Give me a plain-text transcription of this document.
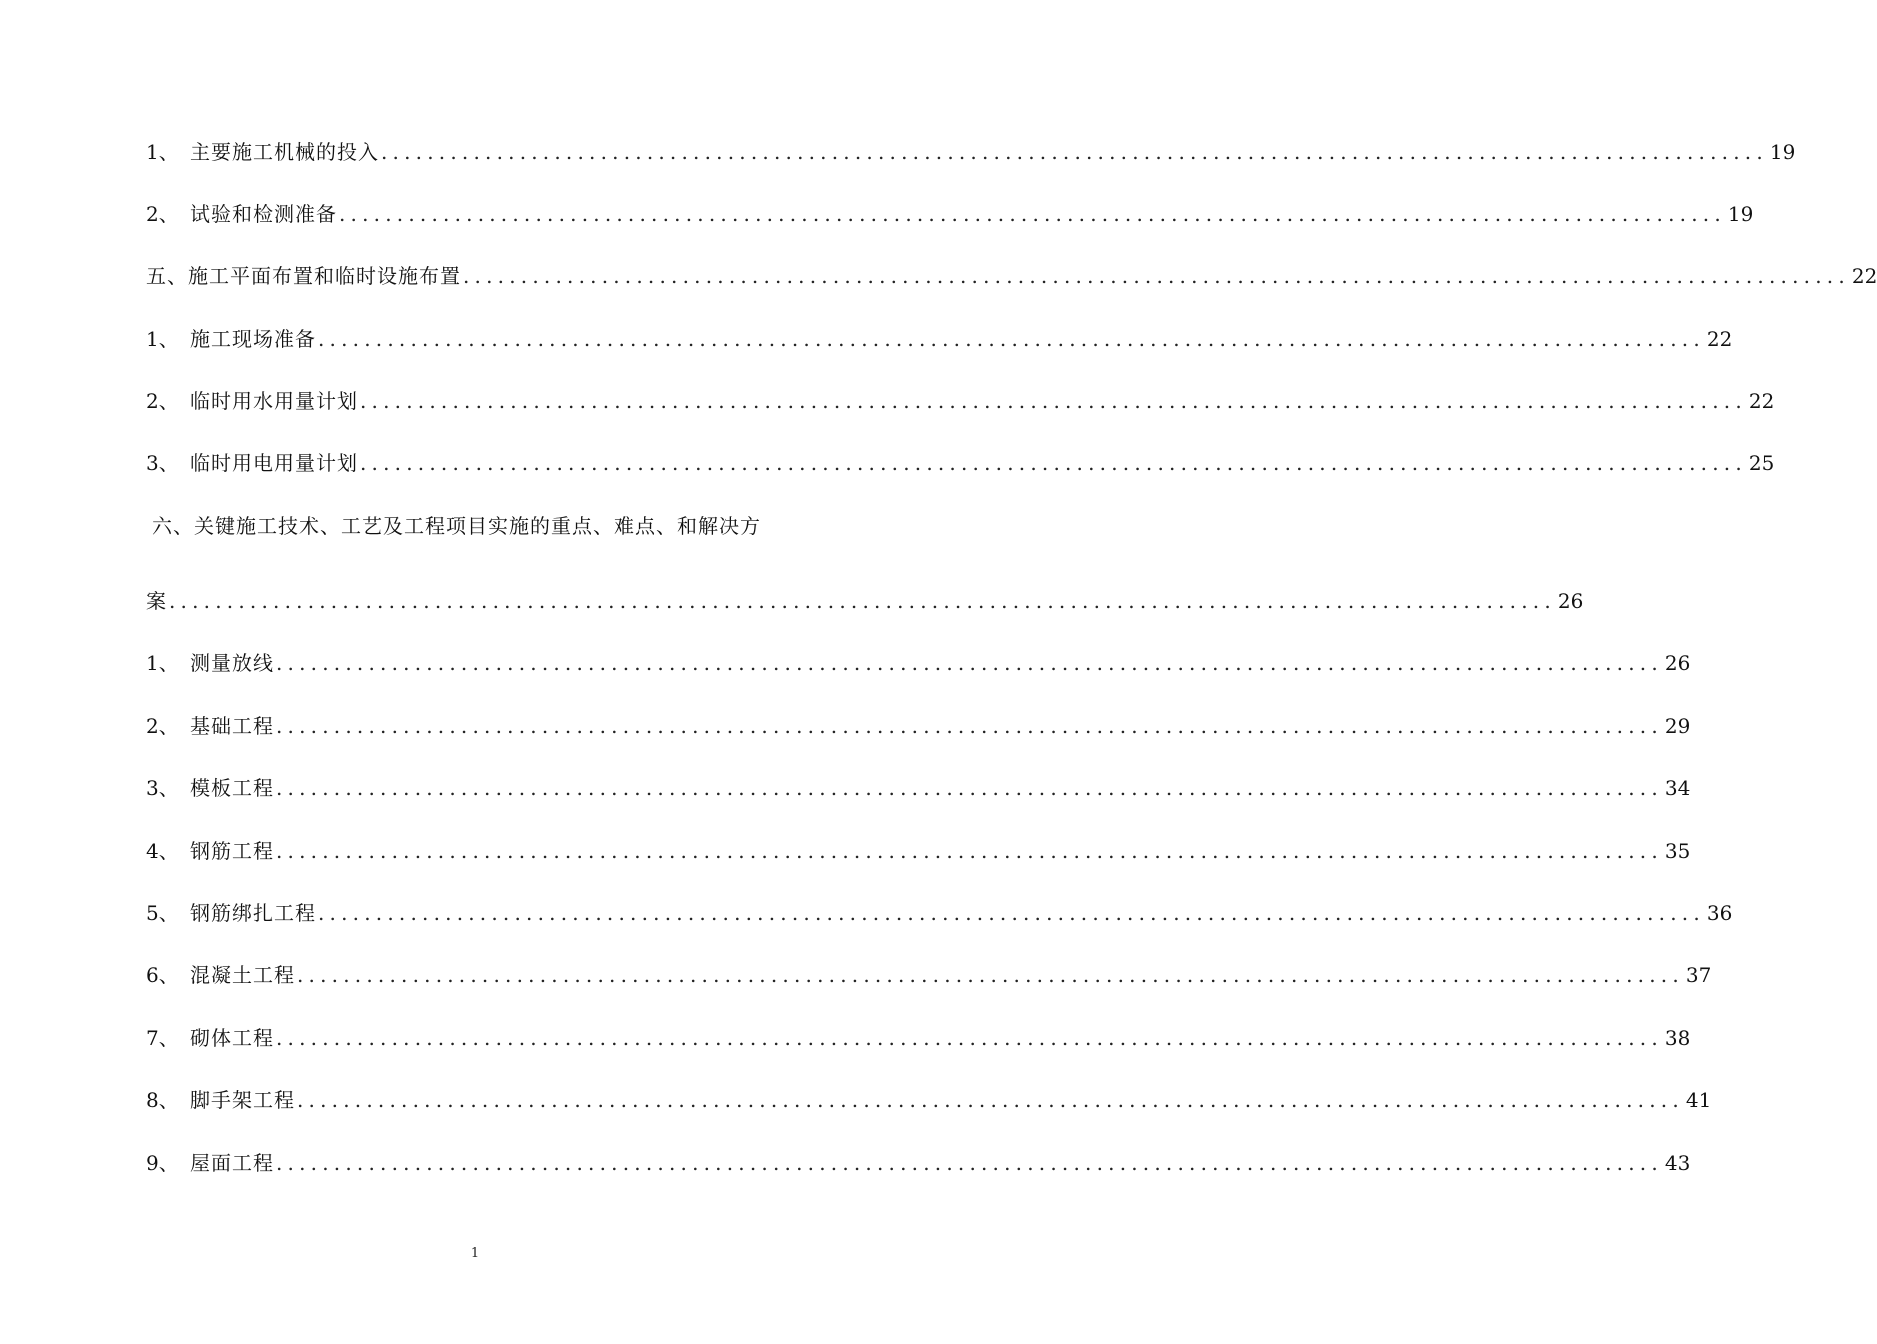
1、 主要施工机械的投入 ........................................................................................................................ 19
2、 试验和检测准备 ........................................................................................................................ 19
五、施工平面布置和临时设施布置 ........................................................................................................................ 22
1、 施工现场准备 ........................................................................................................................ 22
2、 临时用水用量计划 ........................................................................................................................ 22
3、 临时用电用量计划 ........................................................................................................................ 25
六、关键施工技术、工艺及工程项目实施的重点、难点、和解决方
案 ........................................................................................................................ 26
1、 测量放线 ........................................................................................................................ 26
2、 基础工程 ........................................................................................................................ 29
3、 模板工程 ........................................................................................................................ 34
4、 钢筋工程 ........................................................................................................................ 35
5、 钢筋绑扎工程 ........................................................................................................................ 36
6、 混凝土工程 ........................................................................................................................ 37
7、 砌体工程 ........................................................................................................................ 38
8、 脚手架工程 ........................................................................................................................ 41
9、 屋面工程 ........................................................................................................................ 43
1
